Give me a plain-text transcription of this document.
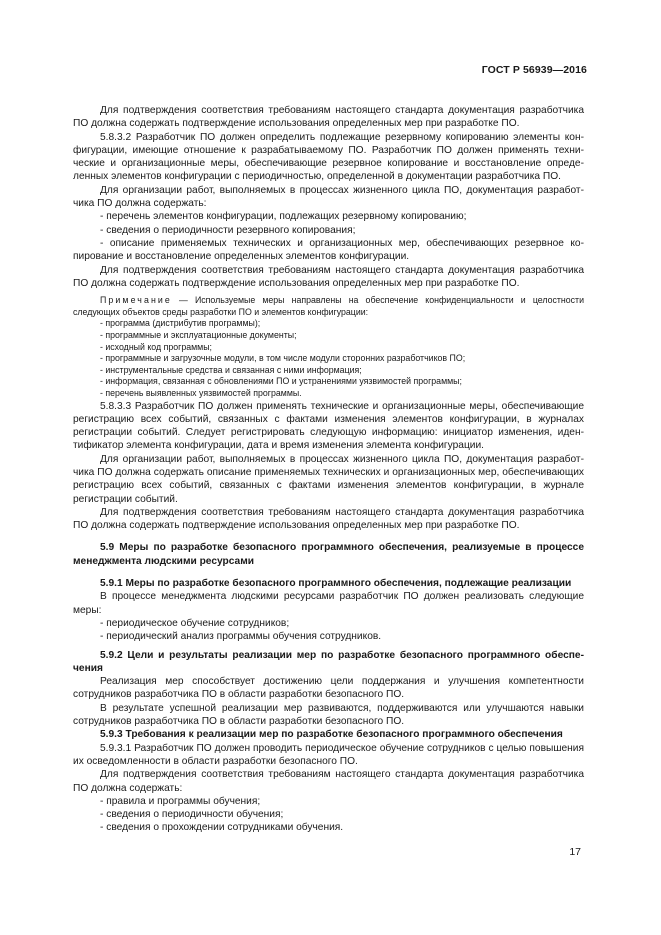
ГОСТ Р 56939—2016

Для подтверждения соответствия требованиям настоящего стандарта документация разработчика ПО должна содержать подтверждение использования определенных мер при разработке ПО.

5.8.3.2 Разработчик ПО должен определить подлежащие резервному копированию элементы конфигурации, имеющие отношение к разрабатываемому ПО. Разработчик ПО должен применять технические и организационные меры, обеспечивающие резервное копирование и восстановление определенных элементов конфигурации с периодичностью, определенной в документации разработчика ПО.

Для организации работ, выполняемых в процессах жизненного цикла ПО, документация разработчика ПО должна содержать:

- перечень элементов конфигурации, подлежащих резервному копированию;

- сведения о периодичности резервного копирования;

- описание применяемых технических и организационных мер, обеспечивающих резервное копирование и восстановление определенных элементов конфигурации.

Для подтверждения соответствия требованиям настоящего стандарта документация разработчика ПО должна содержать подтверждение использования определенных мер при разработке ПО.

Примечание — Используемые меры направлены на обеспечение конфиденциальности и целостности следующих объектов среды разработки ПО и элементов конфигурации:

- программа (дистрибутив программы);

- программные и эксплуатационные документы;

- исходный код программы;

- программные и загрузочные модули, в том числе модули сторонних разработчиков ПО;

- инструментальные средства и связанная с ними информация;

- информация, связанная с обновлениями ПО и устранениями уязвимостей программы;

- перечень выявленных уязвимостей программы.

5.8.3.3 Разработчик ПО должен применять технические и организационные меры, обеспечивающие регистрацию всех событий, связанных с фактами изменения элементов конфигурации, в журналах регистрации событий. Следует регистрировать следующую информацию: инициатор изменения, идентификатор элемента конфигурации, дата и время изменения элемента конфигурации.

Для организации работ, выполняемых в процессах жизненного цикла ПО, документация разработчика ПО должна содержать описание применяемых технических и организационных мер, обеспечивающих регистрацию всех событий, связанных с фактами изменения элементов конфигурации, в журнале регистрации событий.

Для подтверждения соответствия требованиям настоящего стандарта документация разработчика ПО должна содержать подтверждение использования определенных мер при разработке ПО.

5.9 Меры по разработке безопасного программного обеспечения, реализуемые в процессе менеджмента людскими ресурсами

5.9.1 Меры по разработке безопасного программного обеспечения, подлежащие реализации

В процессе менеджмента людскими ресурсами разработчик ПО должен реализовать следующие меры:

- периодическое обучение сотрудников;

- периодический анализ программы обучения сотрудников.

5.9.2 Цели и результаты реализации мер по разработке безопасного программного обеспечения

Реализация мер способствует достижению цели поддержания и улучшения компетентности сотрудников разработчика ПО в области разработки безопасного ПО.

В результате успешной реализации мер развиваются, поддерживаются или улучшаются навыки сотрудников разработчика ПО в области разработки безопасного ПО.

5.9.3 Требования к реализации мер по разработке безопасного программного обеспечения

5.9.3.1 Разработчик ПО должен проводить периодическое обучение сотрудников с целью повышения их осведомленности в области разработки безопасного ПО.

Для подтверждения соответствия требованиям настоящего стандарта документация разработчика ПО должна содержать:

- правила и программы обучения;

- сведения о периодичности обучения;

- сведения о прохождении сотрудниками обучения.

17
